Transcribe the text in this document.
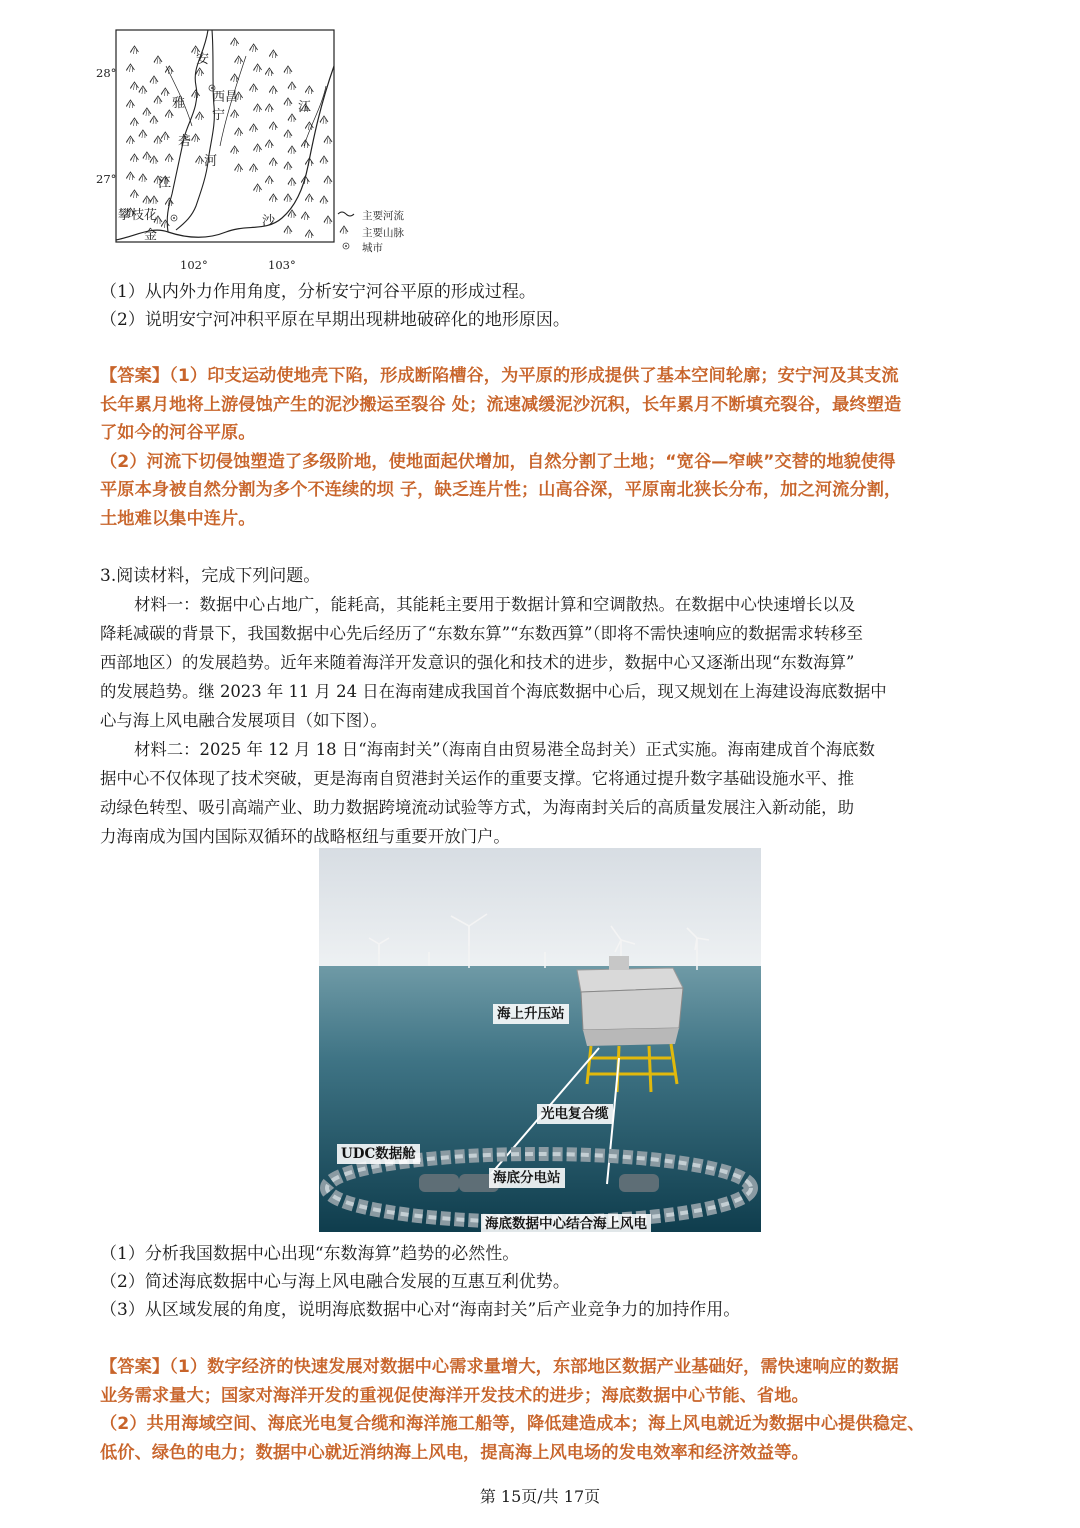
28°
27°
102°	103°
安
雅
砻
河
江
宁
西昌
江
沙
金
攀枝花	主要河流
主要山脉
城市
（1）从内外力作用角度，分析安宁河谷平原的形成过程。
（2）说明安宁河冲积平原在早期出现耕地破碎化的地形原因。
【答案】（1）印支运动使地壳下陷，形成断陷槽谷，为平原的形成提供了基本空间轮廓；安宁河及其支流
长年累月地将上游侵蚀产生的泥沙搬运至裂谷 处；流速减缓泥沙沉积，长年累月不断填充裂谷，最终塑造
了如今的河谷平原。
（2）河流下切侵蚀塑造了多级阶地，使地面起伏增加，自然分割了土地；“宽谷—窄峡”交替的地貌使得
平原本身被自然分割为多个不连续的坝 子，缺乏连片性；山高谷深，平原南北狭长分布，加之河流分割，
土地难以集中连片。
3.阅读材料，完成下列问题。
材料一：数据中心占地广，能耗高，其能耗主要用于数据计算和空调散热。在数据中心快速增长以及
降耗减碳的背景下，我国数据中心先后经历了“东数东算”“东数西算”（即将不需快速响应的数据需求转移至
西部地区）的发展趋势。近年来随着海洋开发意识的强化和技术的进步，数据中心又逐渐出现“东数海算”
的发展趋势。继 2023 年 11 月 24 日在海南建成我国首个海底数据中心后，现又规划在上海建设海底数据中
心与海上风电融合发展项目（如下图）。
材料二：2025 年 12 月 18 日“海南封关”（海南自由贸易港全岛封关）正式实施。海南建成首个海底数
据中心不仅体现了技术突破，更是海南自贸港封关运作的重要支撑。它将通过提升数字基础设施水平、推
动绿色转型、吸引高端产业、助力数据跨境流动试验等方式，为海南封关后的高质量发展注入新动能，助
力海南成为国内国际双循环的战略枢纽与重要开放门户。
海上升压站
光电复合缆
UDC数据舱
海底分电站
海底数据中心结合海上风电
（1）分析我国数据中心出现“东数海算”趋势的必然性。
（2）简述海底数据中心与海上风电融合发展的互惠互利优势。
（3）从区域发展的角度，说明海底数据中心对“海南封关”后产业竞争力的加持作用。
【答案】（1）数字经济的快速发展对数据中心需求量增大，东部地区数据产业基础好，需快速响应的数据
业务需求量大；国家对海洋开发的重视促使海洋开发技术的进步；海底数据中心节能、省地。
（2）共用海域空间、海底光电复合缆和海洋施工船等，降低建造成本；海上风电就近为数据中心提供稳定、
低价、绿色的电力；数据中心就近消纳海上风电，提高海上风电场的发电效率和经济效益等。
第 15页/共 17页
